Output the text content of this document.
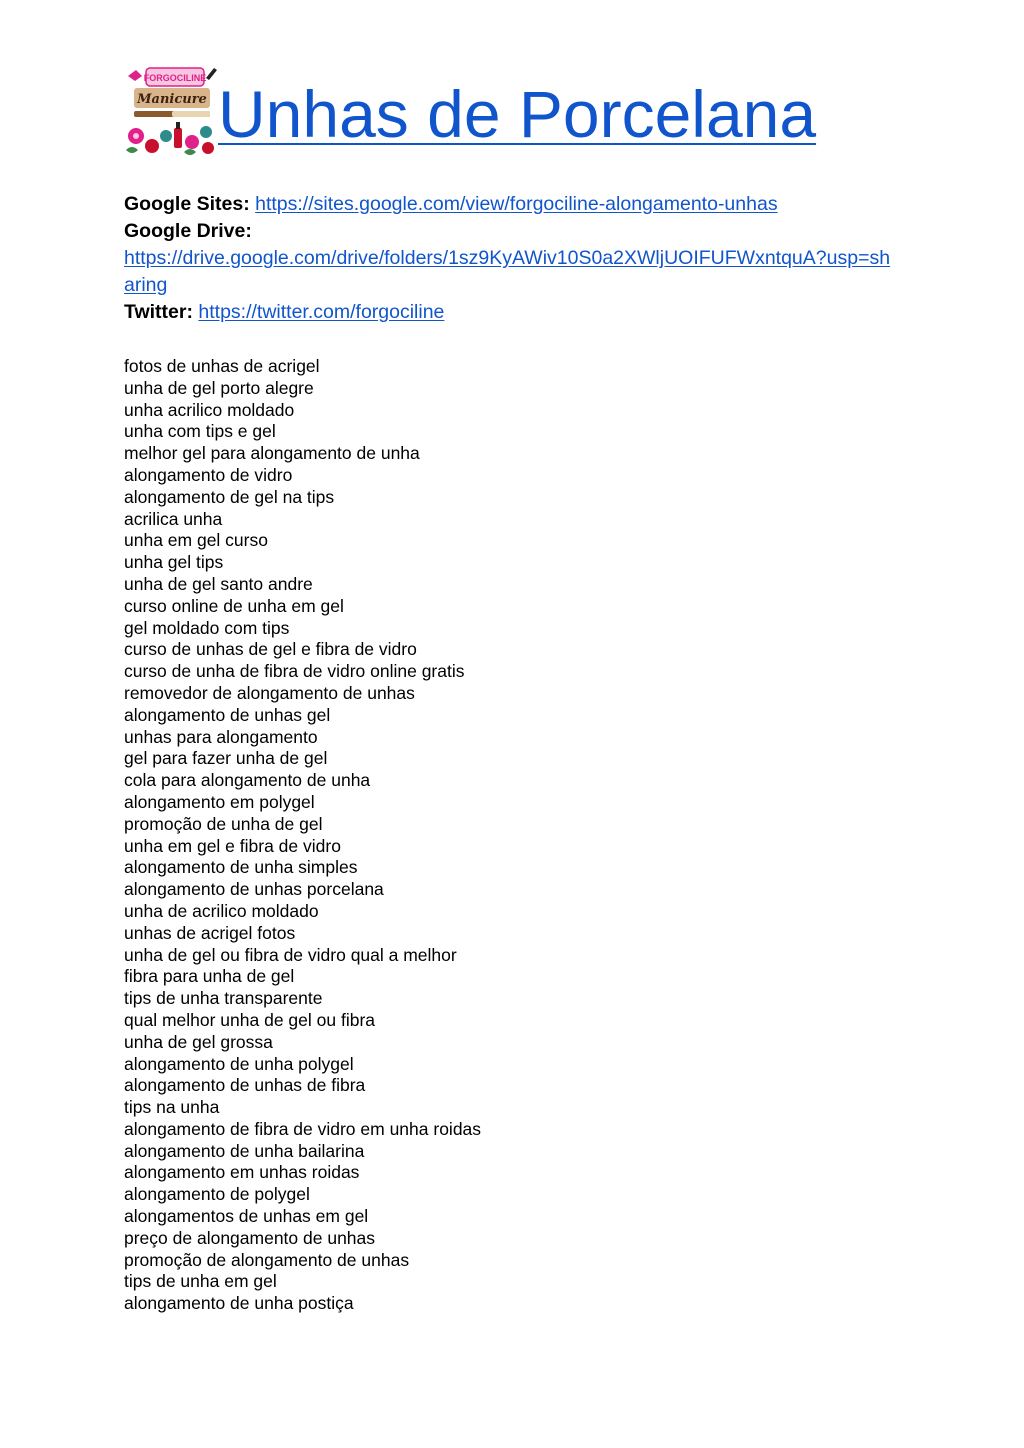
FORGOCILINE
Manicure Unhas de Porcelana
Google Sites: https://sites.google.com/view/forgociline-alongamento-unhas
Google Drive:
https://drive.google.com/drive/folders/1sz9KyAWiv10S0a2XWljUOIFUFWxntquA?usp=sharing
Twitter: https://twitter.com/forgociline
fotos de unhas de acrigel
unha de gel porto alegre
unha acrilico moldado
unha com tips e gel
melhor gel para alongamento de unha
alongamento de vidro
alongamento de gel na tips
acrilica unha
unha em gel curso
unha gel tips
unha de gel santo andre
curso online de unha em gel
gel moldado com tips
curso de unhas de gel e fibra de vidro
curso de unha de fibra de vidro online gratis
removedor de alongamento de unhas
alongamento de unhas gel
unhas para alongamento
gel para fazer unha de gel
cola para alongamento de unha
alongamento em polygel
promoção de unha de gel
unha em gel e fibra de vidro
alongamento de unha simples
alongamento de unhas porcelana
unha de acrilico moldado
unhas de acrigel fotos
unha de gel ou fibra de vidro qual a melhor
fibra para unha de gel
tips de unha transparente
qual melhor unha de gel ou fibra
unha de gel grossa
alongamento de unha polygel
alongamento de unhas de fibra
tips na unha
alongamento de fibra de vidro em unha roidas
alongamento de unha bailarina
alongamento em unhas roidas
alongamento de polygel
alongamentos de unhas em gel
preço de alongamento de unhas
promoção de alongamento de unhas
tips de unha em gel
alongamento de unha postiça
